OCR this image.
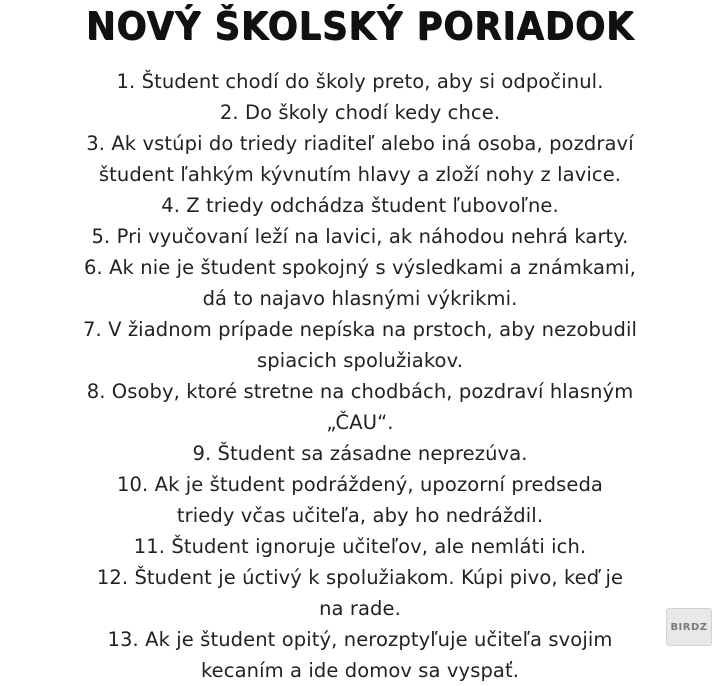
NOVÝ ŠKOLSKÝ PORIADOK
1. Študent chodí do školy preto, aby si odpočinul.
2. Do školy chodí kedy chce.
3. Ak vstúpi do triedy riaditeľ alebo iná osoba, pozdraví
študent ľahkým kývnutím hlavy a zloží nohy z lavice.
4. Z triedy odchádza študent ľubovoľne.
5. Pri vyučovaní leží na lavici, ak náhodou nehrá karty.
6. Ak nie je študent spokojný s výsledkami a známkami,
dá to najavo hlasnými výkrikmi.
7. V žiadnom prípade nepíska na prstoch, aby nezobudil
spiacich spolužiakov.
8. Osoby, ktoré stretne na chodbách, pozdraví hlasným
„ČAU“.
9. Študent sa zásadne neprezúva.
10. Ak je študent podráždený, upozorní predseda
triedy včas učiteľa, aby ho nedráždil.
11. Študent ignoruje učiteľov, ale nemláti ich.
12. Študent je úctivý k spolužiakom. Kúpi pivo, keď je
na rade.
13. Ak je študent opitý, nerozptyľuje učiteľa svojim
kecaním a ide domov sa vyspať.
BIRDZ
